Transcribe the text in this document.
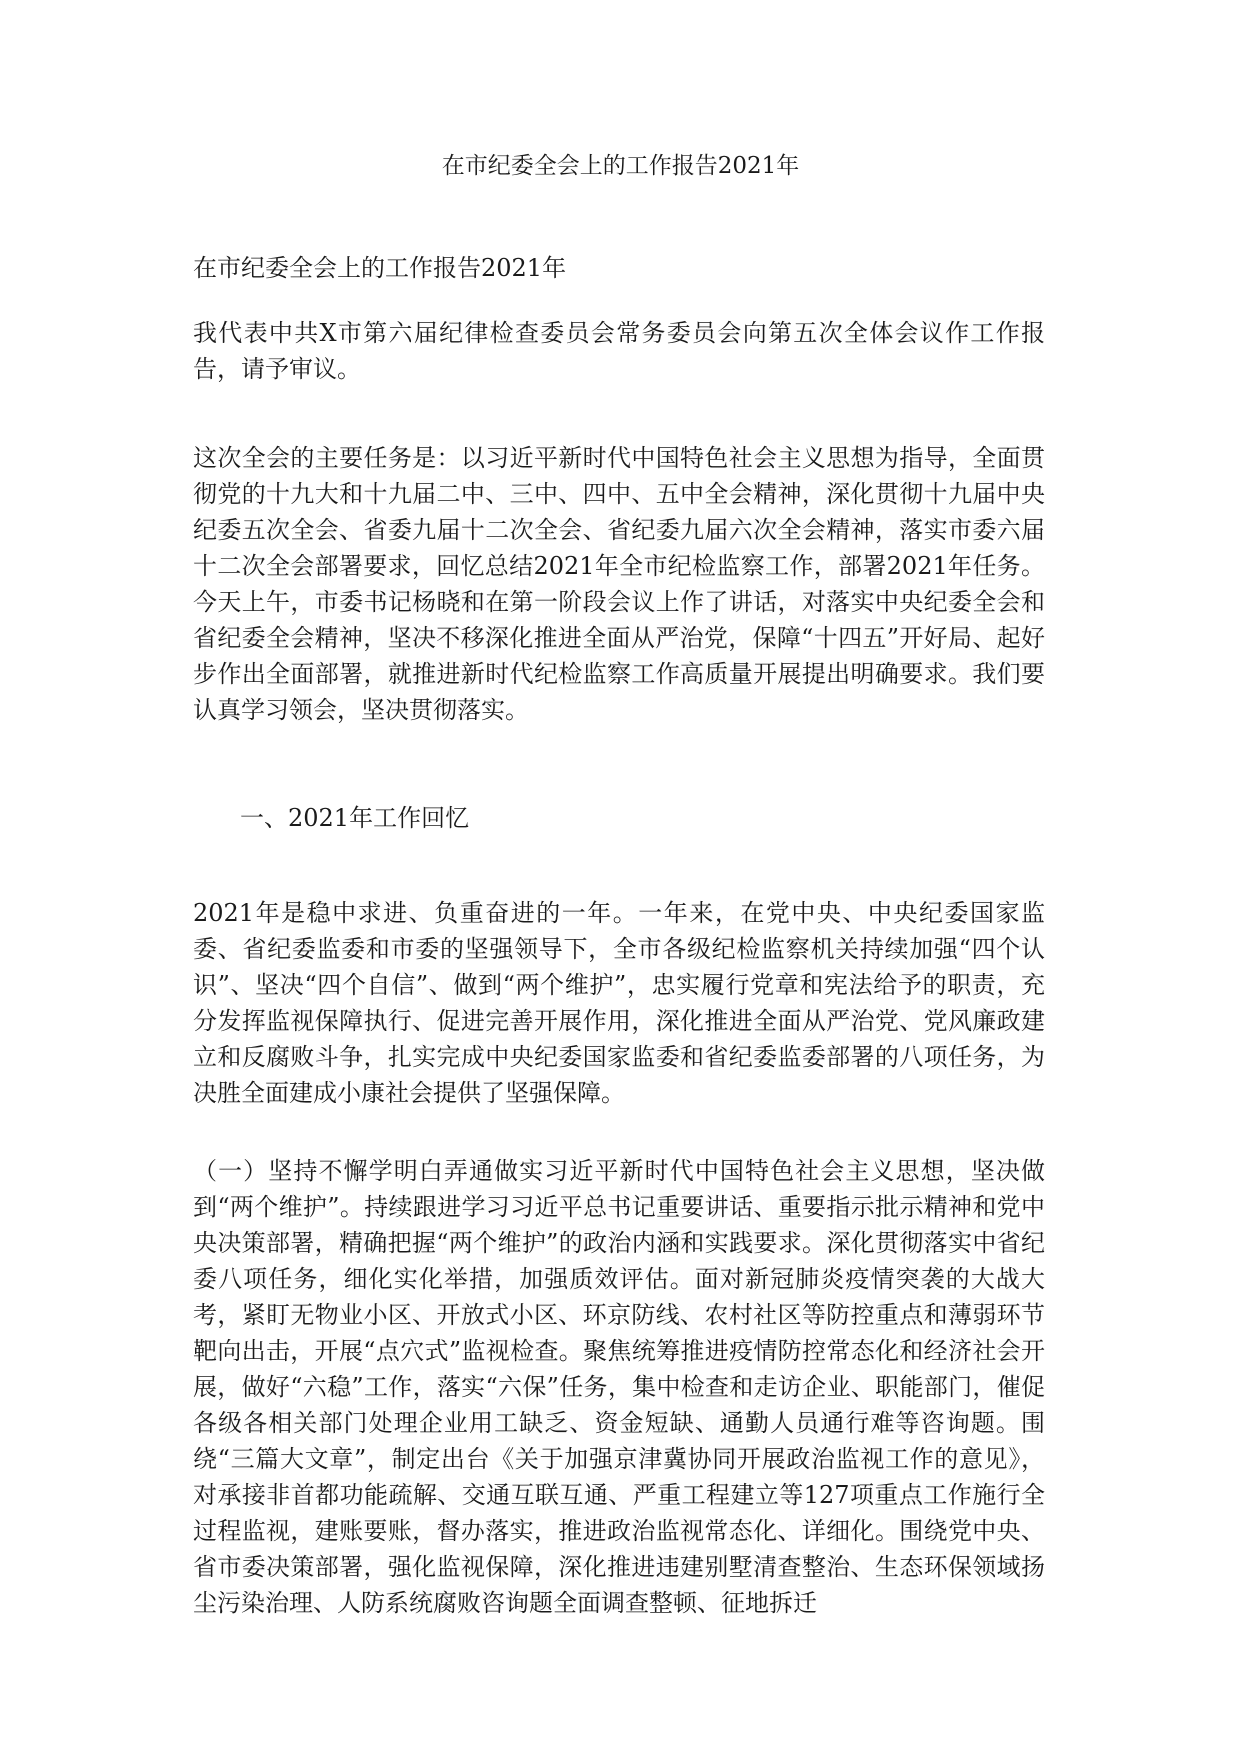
在市纪委全会上的工作报告2021年

在市纪委全会上的工作报告2021年

我代表中共X市第六届纪律检查委员会常务委员会向第五次全体会议作工作报告，请予审议。

这次全会的主要任务是：以习近平新时代中国特色社会主义思想为指导，全面贯彻党的十九大和十九届二中、三中、四中、五中全会精神，深化贯彻十九届中央纪委五次全会、省委九届十二次全会、省纪委九届六次全会精神，落实市委六届十二次全会部署要求，回忆总结2021年全市纪检监察工作，部署2021年任务。今天上午，市委书记杨晓和在第一阶段会议上作了讲话，对落实中央纪委全会和省纪委全会精神，坚决不移深化推进全面从严治党，保障“十四五”开好局、起好步作出全面部署，就推进新时代纪检监察工作高质量开展提出明确要求。我们要认真学习领会，坚决贯彻落实。

一、2021年工作回忆

2021年是稳中求进、负重奋进的一年。一年来，在党中央、中央纪委国家监委、省纪委监委和市委的坚强领导下，全市各级纪检监察机关持续加强“四个认识”、坚决“四个自信”、做到“两个维护”，忠实履行党章和宪法给予的职责，充分发挥监视保障执行、促进完善开展作用，深化推进全面从严治党、党风廉政建立和反腐败斗争，扎实完成中央纪委国家监委和省纪委监委部署的八项任务，为决胜全面建成小康社会提供了坚强保障。

（一）坚持不懈学明白弄通做实习近平新时代中国特色社会主义思想，坚决做到“两个维护”。持续跟进学习习近平总书记重要讲话、重要指示批示精神和党中央决策部署，精确把握“两个维护”的政治内涵和实践要求。深化贯彻落实中省纪委八项任务，细化实化举措，加强质效评估。面对新冠肺炎疫情突袭的大战大考，紧盯无物业小区、开放式小区、环京防线、农村社区等防控重点和薄弱环节靶向出击，开展“点穴式”监视检查。聚焦统筹推进疫情防控常态化和经济社会开展，做好“六稳”工作，落实“六保”任务，集中检查和走访企业、职能部门，催促各级各相关部门处理企业用工缺乏、资金短缺、通勤人员通行难等咨询题。围绕“三篇大文章”，制定出台《关于加强京津冀协同开展政治监视工作的意见》，对承接非首都功能疏解、交通互联互通、严重工程建立等127项重点工作施行全过程监视，建账要账，督办落实，推进政治监视常态化、详细化。围绕党中央、省市委决策部署，强化监视保障，深化推进违建别墅清查整治、生态环保领域扬尘污染治理、人防系统腐败咨询题全面调查整顿、征地拆迁
